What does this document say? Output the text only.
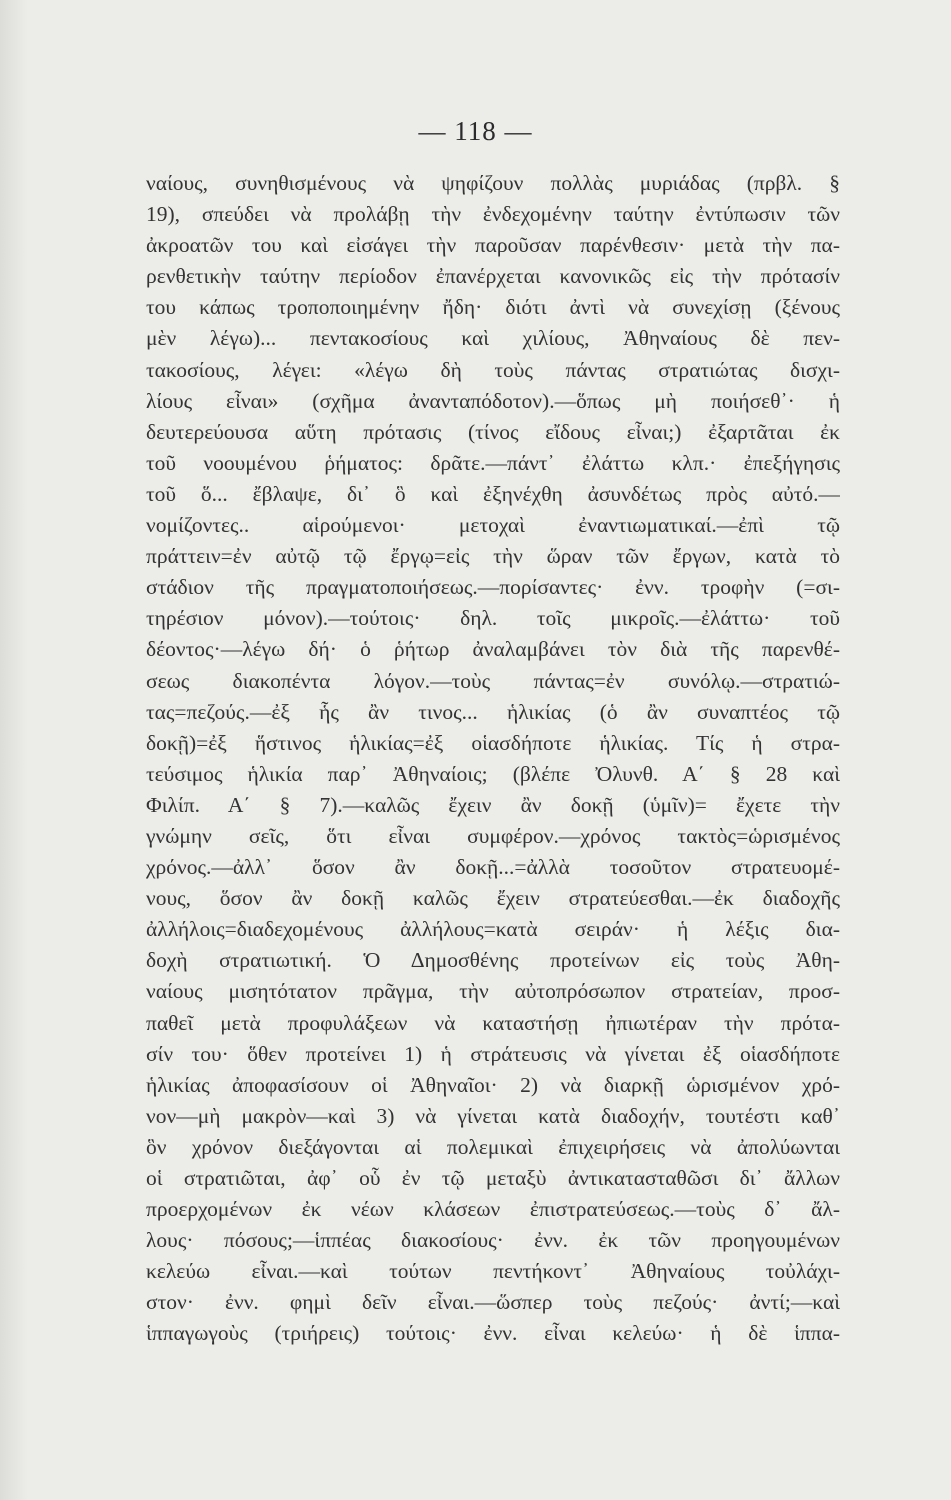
— 118 —
ναίους, συνηθισμένους νὰ ψηφίζουν πολλὰς μυριάδας (πρβλ. §
19), σπεύδει νὰ προλάβῃ τὴν ἐνδεχομένην ταύτην ἐντύπωσιν τῶν
ἀκροατῶν του καὶ εἰσάγει τὴν παροῦσαν παρένθεσιν· μετὰ τὴν πα-
ρενθετικὴν ταύτην περίοδον ἐπανέρχεται κανονικῶς εἰς τὴν πρότασίν
του κάπως τροποποιημένην ἤδη· διότι ἀντὶ νὰ συνεχίσῃ (ξένους
μὲν λέγω)... πεντακοσίους καὶ χιλίους, Ἀθηναίους δὲ πεν-
τακοσίους, λέγει: «λέγω δὴ τοὺς πάντας στρατιώτας δισχι-
λίους εἶναι» (σχῆμα ἀνανταπόδοτον).—ὅπως μὴ ποιήσεθ᾽· ἡ
δευτερεύουσα αὕτη πρότασις (τίνος εἴδους εἶναι;) ἐξαρτᾶται ἐκ
τοῦ νοουμένου ῥήματος: δρᾶτε.—πάντ᾽ ἐλάττω κλπ.· ἐπεξήγησις
τοῦ ὅ... ἔβλαψε, δι᾽ ὃ καὶ ἐξηνέχθη ἀσυνδέτως πρὸς αὐτό.—
νομίζοντες.. αἱρούμενοι· μετοχαὶ ἐναντιωματικαί.—ἐπὶ τῷ
πράττειν=ἐν αὐτῷ τῷ ἔργῳ=εἰς τὴν ὥραν τῶν ἔργων, κατὰ τὸ
στάδιον τῆς πραγματοποιήσεως.—πορίσαντες· ἐνν. τροφὴν (=σι-
τηρέσιον μόνον).—τούτοις· δηλ. τοῖς μικροῖς.—ἐλάττω· τοῦ
δέοντος·—λέγω δή· ὁ ῥήτωρ ἀναλαμβάνει τὸν διὰ τῆς παρενθέ-
σεως διακοπέντα λόγον.—τοὺς πάντας=ἐν συνόλῳ.—στρατιώ-
τας=πεζούς.—ἐξ ἧς ἂν τινος... ἡλικίας (ὁ ἂν συναπτέος τῷ
δοκῇ)=ἐξ ἥστινος ἡλικίας=ἐξ οἱασδήποτε ἡλικίας. Τίς ἡ στρα-
τεύσιμος ἡλικία παρ᾽ Ἀθηναίοις; (βλέπε Ὀλυνθ. Α΄ § 28 καὶ
Φιλίπ. Α΄ § 7).—καλῶς ἔχειν ἂν δοκῇ (ὑμῖν)= ἔχετε τὴν
γνώμην σεῖς, ὅτι εἶναι συμφέρον.—χρόνος τακτὸς=ὡρισμένος
χρόνος.—ἀλλ᾽ ὅσον ἂν δοκῇ...=ἀλλὰ τοσοῦτον στρατευομέ-
νους, ὅσον ἂν δοκῇ καλῶς ἔχειν στρατεύεσθαι.—ἐκ διαδοχῆς
ἀλλήλοις=διαδεχομένους ἀλλήλους=κατὰ σειράν· ἡ λέξις δια-
δοχὴ στρατιωτική. Ὁ Δημοσθένης προτείνων εἰς τοὺς Ἀθη-
ναίους μισητότατον πρᾶγμα, τὴν αὐτοπρόσωπον στρατείαν, προσ-
παθεῖ μετὰ προφυλάξεων νὰ καταστήσῃ ἠπιωτέραν τὴν πρότα-
σίν του· ὅθεν προτείνει 1) ἡ στράτευσις νὰ γίνεται ἐξ οἱασδήποτε
ἡλικίας ἀποφασίσουν οἱ Ἀθηναῖοι· 2) νὰ διαρκῇ ὡρισμένον χρό-
νον—μὴ μακρὸν—καὶ 3) νὰ γίνεται κατὰ διαδοχήν, τουτέστι καθ᾽
ὃν χρόνον διεξάγονται αἱ πολεμικαὶ ἐπιχειρήσεις νὰ ἀπολύωνται
οἱ στρατιῶται, ἀφ᾽ οὗ ἐν τῷ μεταξὺ ἀντικατασταθῶσι δι᾽ ἄλλων
προερχομένων ἐκ νέων κλάσεων ἐπιστρατεύσεως.—τοὺς δ᾽ ἄλ-
λους· πόσους;—ἱππέας διακοσίους· ἐνν. ἐκ τῶν προηγουμένων
κελεύω εἶναι.—καὶ τούτων πεντήκοντ᾽ Ἀθηναίους τοὐλάχι-
στον· ἐνν. φημὶ δεῖν εἶναι.—ὥσπερ τοὺς πεζούς· ἀντί;—καὶ
ἱππαγωγοὺς (τριήρεις) τούτοις· ἐνν. εἶναι κελεύω· ἡ δὲ ἱππα-
